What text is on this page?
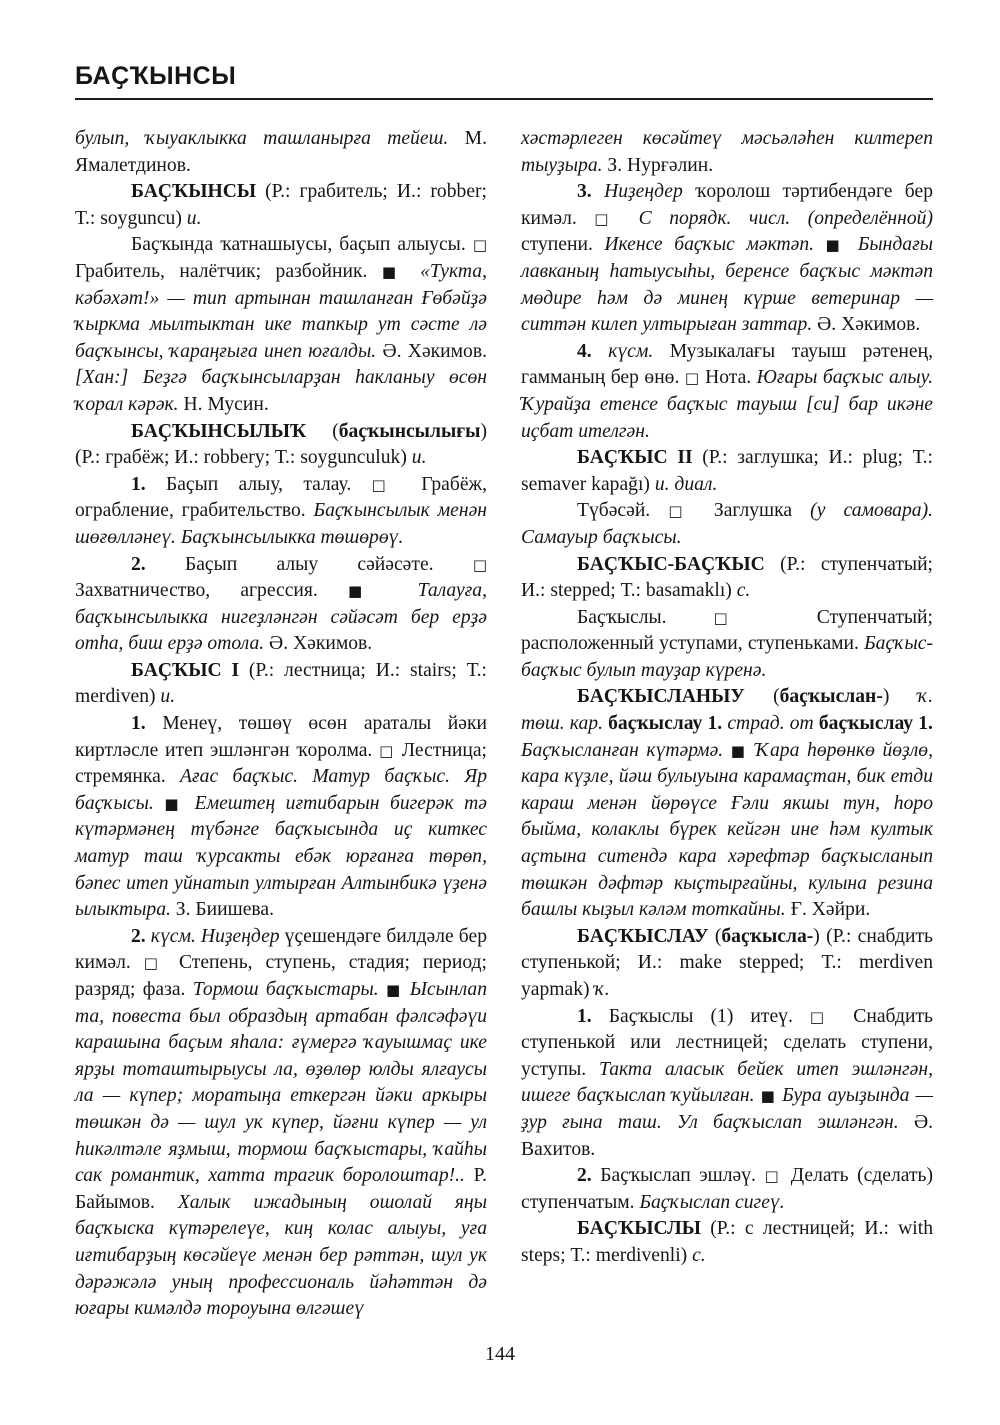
БАҪҠЫНСЫ

булып, ҡыуаклыкка ташланырға тейеш. М. Ямалетдинов.

БАҪҠЫНСЫ (Р.: грабитель; И.: robber; Т.: soyguncu) и.

Баҫҡында ҡатнашыусы, баҫып алыусы. □ Грабитель, налётчик; разбойник. ■ «Тукта, кәбәхәт!» — тип артынан ташланған Ғөбәйҙә ҡыркма мылтыктан ике тапкыр ут сәсте лә баҫҡынсы, ҡараңғыға инеп юғалды. Ә. Хәкимов. [Хан:] Беҙгә баҫҡынсыларҙан һакланыу өсөн ҡорал кәрәк. Н. Мусин.

БАҪҠЫНСЫЛЫҠ (баҫҡынсылығы) (Р.: грабёж; И.: robbery; Т.: soygunculuk) и.

1. Баҫып алыу, талау. □ Грабёж, ограбление, грабительство. Баҫҡынсылык менән шөғөлләнеү. Баҫҡынсылыкка төшөрөү.

2. Баҫып алыу сәйәсәте. □ Захватничество, агрессия. ■ Талауға, баҫҡынсылыкка нигеҙләнгән сәйәсәт бер ерҙә отһа, биш ерҙә отола. Ә. Хәкимов.

БАҪҠЫС I (Р.: лестница; И.: stairs; Т.: merdiven) и.

1. Менеү, төшөү өсөн араталы йәки киртләсле итеп эшләнгән ҡоролма. □ Лестница; стремянка. Ағас баҫҡыс. Матур баҫҡыс. Яр баҫҡысы. ■ Емештең иғтибарын бигерәк тә күтәрмәнең түбәнге баҫҡысында иҫ киткес матур таш ҡурсакты ебәк юрғанға төрөп, бәпес итеп уйнатып ултырған Алтынбикә үҙенә ылыктыра. З. Биишева.

2. күсм. Ниҙеңдер үҫешендәге билдәле бер кимәл. □ Степень, ступень, стадия; период; разряд; фаза. Тормош баҫҡыстары. ■ Ысынлап та, повеста был образдың артабан фәлсәфәүи карашына баҫым яһала: ғүмергә ҡауышмаҫ ике ярҙы тоташтырыусы ла, өҙөлөр юлды ялғаусы ла — күпер; моратыңа еткергән йәки аркыры төшкән дә — шул ук күпер, йәғни күпер — ул һикәлтәле яҙмыш, тормош баҫҡыстары, ҡайһы сак романтик, хатта трагик боролоштар!.. Р. Байымов. Халык ижадының ошолай яңы баҫҡыска күтәрелеүе, киң колас алыуы, уға иғтибарҙың көсәйеүе менән бер рәттән, шул ук дәрәжәлә уның профессиональ йәһәттән дә юғары кимәлдә тороуына өлгәшеү

хәстәрлеген көсәйтеү мәсьәләһен килтереп тыуҙыра. З. Нурғәлин.

3. Ниҙеңдер ҡоролош тәртибендәге бер кимәл. □ С порядк. числ. (определённой) ступени. Икенсе баҫҡыс мәктәп. ■ Бындағы лавканың һатыусыһы, беренсе баҫҡыс мәктәп мөдире һәм дә минең күрше ветеринар — ситтән килеп ултырыған заттар. Ә. Хәкимов.

4. күсм. Музыкалағы тауыш рәтенең, гамманың бер өнө. □ Нота. Юғары баҫҡыс алыу. Ҡурайҙа етенсе баҫҡыс тауыш [си] бар икәне иҫбат ителгән.

БАҪҠЫС II (Р.: заглушка; И.: plug; Т.: semaver kapağı) и. диал.

Түбәсәй. □ Заглушка (у самовара). Самауыр баҫҡысы.

БАҪҠЫС-БАҪҠЫС (Р.: ступенчатый; И.: stepped; Т.: basamaklı) с.

Баҫҡыслы. □ Ступенчатый; расположенный уступами, ступеньками. Баҫҡыс-баҫҡыс булып тауҙар күренә.

БАҪҠЫСЛАНЫУ (баҫҡыслан-) ҡ. төш. кар. баҫҡыслау 1. страд. от баҫҡыслау 1. Баҫҡысланған күтәрмә. ■ Ҡара һөрөнкө йөҙлө, кара күҙле, йәш булыуына карамаҫтан, бик етди караш менән йөрөүсе Ғәли якшы тун, һоро быйма, колаклы бүрек кейгән ине һәм култык аҫтына ситендә кара хәрефтәр баҫҡысланып төшкән дәфтәр кыҫтырғайны, кулына резина башлы кыҙыл кәләм тоткайны. Ғ. Хәйри.

БАҪҠЫСЛАУ (баҫҡысла-) (Р.: снабдить ступенькой; И.: make stepped; Т.: merdiven yapmak) ҡ.

1. Баҫҡыслы (1) итеү. □ Снабдить ступенькой или лестницей; сделать ступени, уступы. Такта аласык бейек итеп эшләнгән, ишеге баҫҡыслап ҡуйылған. ■ Бура ауыҙында — ҙур ғына таш. Ул баҫҡыслап эшләнгән. Ә. Вахитов.

2. Баҫҡыслап эшләү. □ Делать (сделать) ступенчатым. Баҫҡыслап сигеү.

БАҪҠЫСЛЫ (Р.: с лестницей; И.: with steps; Т.: merdivenli) с.

144
